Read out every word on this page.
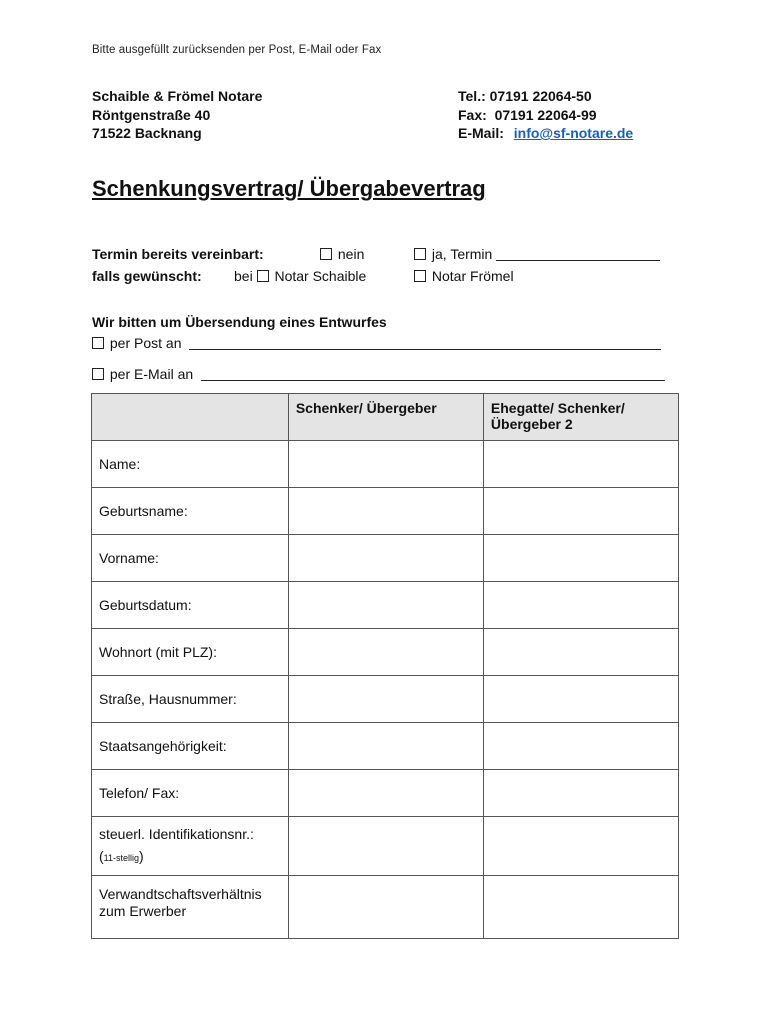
Bitte ausgefüllt zurücksenden per Post, E-Mail oder Fax
Schaible & Frömel Notare
Röntgenstraße 40
71522 Backnang
Tel.: 07191 22064-50
Fax:  07191 22064-99
E-Mail: info@sf-notare.de
Schenkungsvertrag/ Übergabevertrag
Termin bereits vereinbart:	nein	ja, Termin
falls gewünscht: bei Notar Schaible	Notar Frömel
Wir bitten um Übersendung eines Entwurfes
per Post an
per E-Mail an
	Schenker/ Übergeber	Ehegatte/ Schenker/ Übergeber 2
Name:		
Geburtsname:		
Vorname:		
Geburtsdatum:		
Wohnort (mit PLZ):		
Straße, Hausnummer:		
Staatsangehörigkeit:		
Telefon/ Fax:		

steuerl. Identifikationsnr.:
(11-stellig)		

Verwandtschaftsverhältnis zum Erwerber		
